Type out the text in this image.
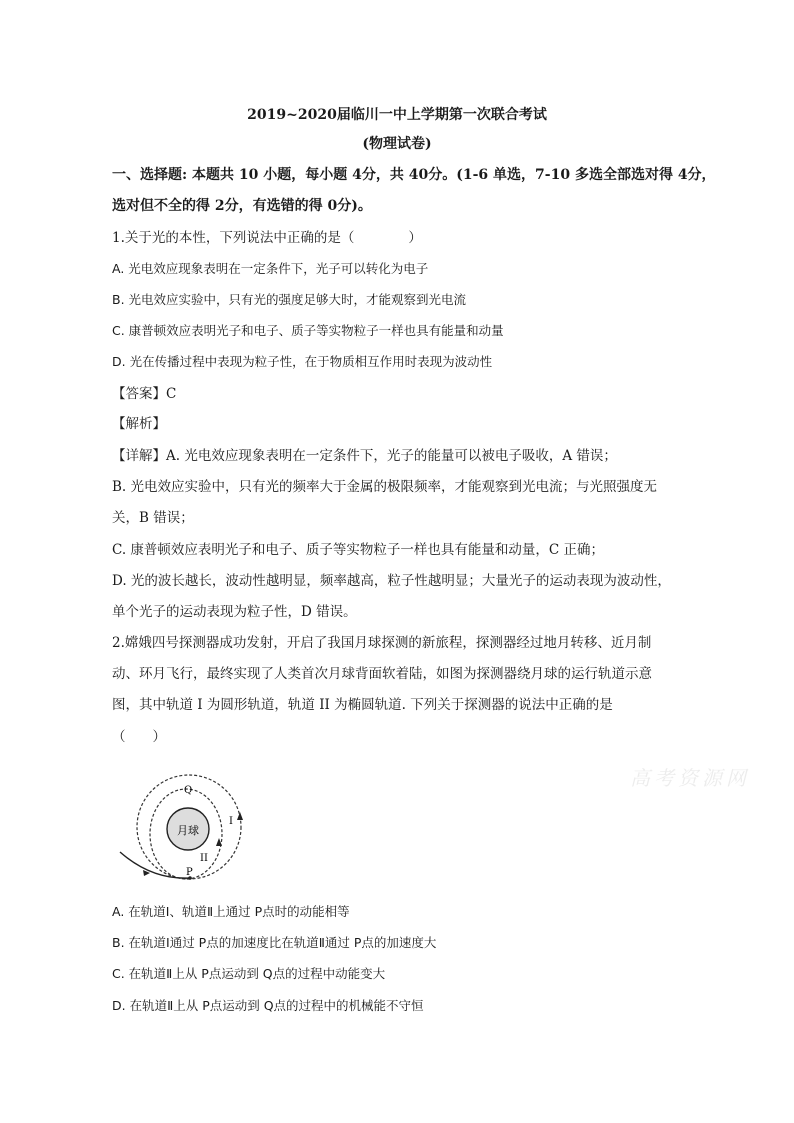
2019~2020届临川一中上学期第一次联合考试
(物理试卷)
一、选择题: 本题共 10 小题，每小题 4分，共 40分。(1-6 单选，7-10 多选全部选对得 4分，
选对但不全的得 2分，有选错的得 0分)。
1.关于光的本性，下列说法中正确的是（　　　　）
A. 光电效应现象表明在一定条件下，光子可以转化为电子
B. 光电效应实验中，只有光的强度足够大时，才能观察到光电流
C. 康普顿效应表明光子和电子、质子等实物粒子一样也具有能量和动量
D. 光在传播过程中表现为粒子性，在于物质相互作用时表现为波动性
【答案】C
【解析】
【详解】A. 光电效应现象表明在一定条件下，光子的能量可以被电子吸收，A 错误；
B. 光电效应实验中，只有光的频率大于金属的极限频率，才能观察到光电流；与光照强度无
关，B 错误；
C. 康普顿效应表明光子和电子、质子等实物粒子一样也具有能量和动量，C 正确；
D. 光的波长越长，波动性越明显，频率越高，粒子性越明显；大量光子的运动表现为波动性，
单个光子的运动表现为粒子性，D 错误。
2.嫦娥四号探测器成功发射，开启了我国月球探测的新旅程，探测器经过地月转移、近月制
动、环月飞行，最终实现了人类首次月球背面软着陆，如图为探测器绕月球的运行轨道示意
图，其中轨道 I 为圆形轨道，轨道 II 为椭圆轨道. 下列关于探测器的说法中正确的是
（　　）
月球
Q
P
I
II
高考资源网
A. 在轨道Ⅰ、轨道Ⅱ上通过 P点时的动能相等
B. 在轨道Ⅰ通过 P点的加速度比在轨道Ⅱ通过 P点的加速度大
C. 在轨道Ⅱ上从 P点运动到 Q点的过程中动能变大
D. 在轨道Ⅱ上从 P点运动到 Q点的过程中的机械能不守恒
